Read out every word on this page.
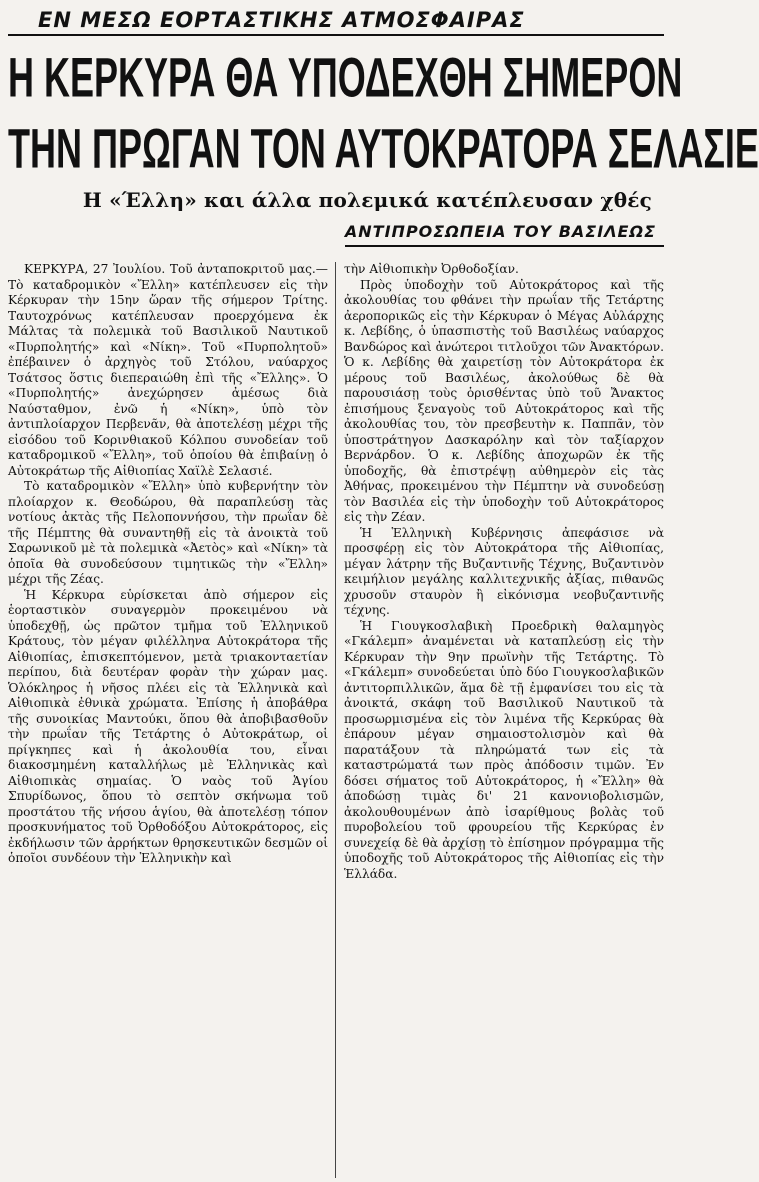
ΕΝ ΜΕΣΩ ΕΟΡΤΑΣΤΙΚΗΣ ΑΤΜΟΣΦΑΙΡΑΣ
Η ΚΕΡΚΥΡΑ ΘΑ ΥΠΟΔΕΧΘΗ ΣΗΜΕΡΟΝ
ΤΗΝ ΠΡΩΓΑΝ ΤΟΝ ΑΥΤΟΚΡΑΤΟΡΑ ΣΕΛΑΣΙΕ
Η «Έλλη» και άλλα πολεμικά κατέπλευσαν χθές
ΑΝΤΙΠΡΟΣΩΠΕΙΑ ΤΟΥ ΒΑΣΙΛΕΩΣ

ΚΕΡΚΥΡΑ, 27 Ἰουλίου. Τοῦ ἀνταποκριτοῦ μας.—Τὸ καταδρομικὸν «Ἔλλη» κατέπλευσεν εἰς τὴν Κέρκυραν τὴν 15ην ὥραν τῆς σήμερον Τρίτης. Ταυτοχρόνως κατέπλευσαν προερχόμενα ἐκ Μάλτας τὰ πολεμικὰ τοῦ Βασιλικοῦ Ναυτικοῦ «Πυρπολητής» καὶ «Νίκη». Τοῦ «Πυρπολητοῦ» ἐπέβαινεν ὁ ἀρχηγὸς τοῦ Στόλου, ναύαρχος Τσάτσος ὅστις διεπεραιώθη ἐπὶ τῆς «Ἔλλης». Ὁ «Πυρπολητής» ἀνεχώρησεν ἀμέσως διὰ Ναύσταθμον, ἐνῶ ἡ «Νίκη», ὑπὸ τὸν ἀντιπλοίαρχον Περβενᾶν, θὰ ἀποτελέσῃ μέχρι τῆς εἰσόδου τοῦ Κορινθιακοῦ Κόλπου συνοδείαν τοῦ καταδρομικοῦ «Ἔλλη», τοῦ ὁποίου θὰ ἐπιβαίνῃ ὁ Αὐτοκράτωρ τῆς Αἰθιοπίας Χαϊλὲ Σελασιέ.

Τὸ καταδρομικὸν «Ἔλλη» ὑπὸ κυβερνήτην τὸν πλοίαρχον κ. Θεοδώρου, θὰ παραπλεύσῃ τὰς νοτίους ἀκτὰς τῆς Πελοποννήσου, τὴν πρωΐαν δὲ τῆς Πέμπτης θὰ συναντηθῇ εἰς τὰ ἀνοικτὰ τοῦ Σαρωνικοῦ μὲ τὰ πολεμικὰ «Ἀετὸς» καὶ «Νίκη» τὰ ὁποῖα θὰ συνοδεύσουν τιμητικῶς τὴν «Ἔλλη» μέχρι τῆς Ζέας.

Ἡ Κέρκυρα εὑρίσκεται ἀπὸ σήμερον εἰς ἑορταστικὸν συναγερμὸν προκειμένου νὰ ὑποδεχθῇ, ὡς πρῶτον τμῆμα τοῦ Ἑλληνικοῦ Κράτους, τὸν μέγαν φιλέλληνα Αὐτοκράτορα τῆς Αἰθιοπίας, ἐπισκεπτόμενον, μετὰ τριακονταετίαν περίπου, διὰ δευτέραν φορὰν τὴν χώραν μας. Ὁλόκληρος ἡ νῆσος πλέει εἰς τὰ Ἑλληνικὰ καὶ Αἰθιοπικὰ ἐθνικὰ χρώματα. Ἐπίσης ἡ ἀποβάθρα τῆς συνοικίας Μαντούκι, ὅπου θὰ ἀποβιβασθοῦν τὴν πρωΐαν τῆς Τετάρτης ὁ Αὐτοκράτωρ, οἱ πρίγκηπες καὶ ἡ ἀκολουθία του, εἶναι διακοσμημένη καταλλήλως μὲ Ἑλληνικὰς καὶ Αἰθιοπικὰς σημαίας. Ὁ ναὸς τοῦ Ἁγίου Σπυρίδωνος, ὅπου τὸ σεπτὸν σκήνωμα τοῦ προστάτου τῆς νήσου ἁγίου, θὰ ἀποτελέσῃ τόπον προσκυνήματος τοῦ Ὀρθοδόξου Αὐτοκράτορος, εἰς ἐκδήλωσιν τῶν ἀρρήκτων θρησκευτικῶν δεσμῶν οἱ ὁποῖοι συνδέουν τὴν Ἑλληνικὴν καὶ

τὴν Αἰθιοπικὴν Ὀρθοδοξίαν.

Πρὸς ὑποδοχὴν τοῦ Αὐτοκράτορος καὶ τῆς ἀκολουθίας του φθάνει τὴν πρωΐαν τῆς Τετάρτης ἀεροπορικῶς εἰς τὴν Κέρκυραν ὁ Μέγας Αὐλάρχης κ. Λεβίδης, ὁ ὑπασπιστὴς τοῦ Βασιλέως ναύαρχος Βανδώρος καὶ ἀνώτεροι τιτλοῦχοι τῶν Ἀνακτόρων. Ὁ κ. Λεβίδης θὰ χαιρετίσῃ τὸν Αὐτοκράτορα ἐκ μέρους τοῦ Βασιλέως, ἀκολούθως δὲ θὰ παρουσιάσῃ τοὺς ὁρισθέντας ὑπὸ τοῦ Ἄνακτος ἐπισήμους ξεναγοὺς τοῦ Αὐτοκράτορος καὶ τῆς ἀκολουθίας του, τὸν πρεσβευτὴν κ. Παππᾶν, τὸν ὑποστράτηγον Δασκαρόλην καὶ τὸν ταξίαρχον Βερνάρδον. Ὁ κ. Λεβίδης ἀποχωρῶν ἐκ τῆς ὑποδοχῆς, θὰ ἐπιστρέψῃ αὐθημερὸν εἰς τὰς Ἀθήνας, προκειμένου τὴν Πέμπτην νὰ συνοδεύσῃ τὸν Βασιλέα εἰς τὴν ὑποδοχὴν τοῦ Αὐτοκράτορος εἰς τὴν Ζέαν.

Ἡ Ἑλληνικὴ Κυβέρνησις ἀπεφάσισε νὰ προσφέρῃ εἰς τὸν Αὐτοκράτορα τῆς Αἰθιοπίας, μέγαν λάτρην τῆς Βυζαντινῆς Τέχνης, Βυζαντινὸν κειμήλιον μεγάλης καλλιτεχνικῆς ἀξίας, πιθανῶς χρυσοῦν σταυρὸν ἢ εἰκόνισμα νεοβυζαντινῆς τέχνης.

Ἡ Γιουγκοσλαβικὴ Προεδρικὴ θαλαμηγὸς «Γκάλεμπ» ἀναμένεται νὰ καταπλεύσῃ εἰς τὴν Κέρκυραν τὴν 9ην πρωϊνὴν τῆς Τετάρτης. Τὸ «Γκάλεμπ» συνοδεύεται ὑπὸ δύο Γιουγκοσλαβικῶν ἀντιτορπιλλικῶν, ἅμα δὲ τῇ ἐμφανίσει του εἰς τὰ ἀνοικτά, σκάφη τοῦ Βασιλικοῦ Ναυτικοῦ τὰ προσωρμισμένα εἰς τὸν λιμένα τῆς Κερκύρας θὰ ἐπάρουν μέγαν σημαιοστολισμὸν καὶ θὰ παρατάξουν τὰ πληρώματά των εἰς τὰ καταστρώματά των πρὸς ἀπόδοσιν τιμῶν. Ἐν δόσει σήματος τοῦ Αὐτοκράτορος, ἡ «Ἔλλη» θὰ ἀποδώσῃ τιμὰς δι' 21 κανονιοβολισμῶν, ἀκολουθουμένων ἀπὸ ἰσαρίθμους βολὰς τοῦ πυροβολείου τοῦ φρουρείου τῆς Κερκύρας ἐν συνεχείᾳ δὲ θὰ ἀρχίσῃ τὸ ἐπίσημον πρόγραμμα τῆς ὑποδοχῆς τοῦ Αὐτοκράτορος τῆς Αἰθιοπίας εἰς τὴν Ἑλλάδα.
